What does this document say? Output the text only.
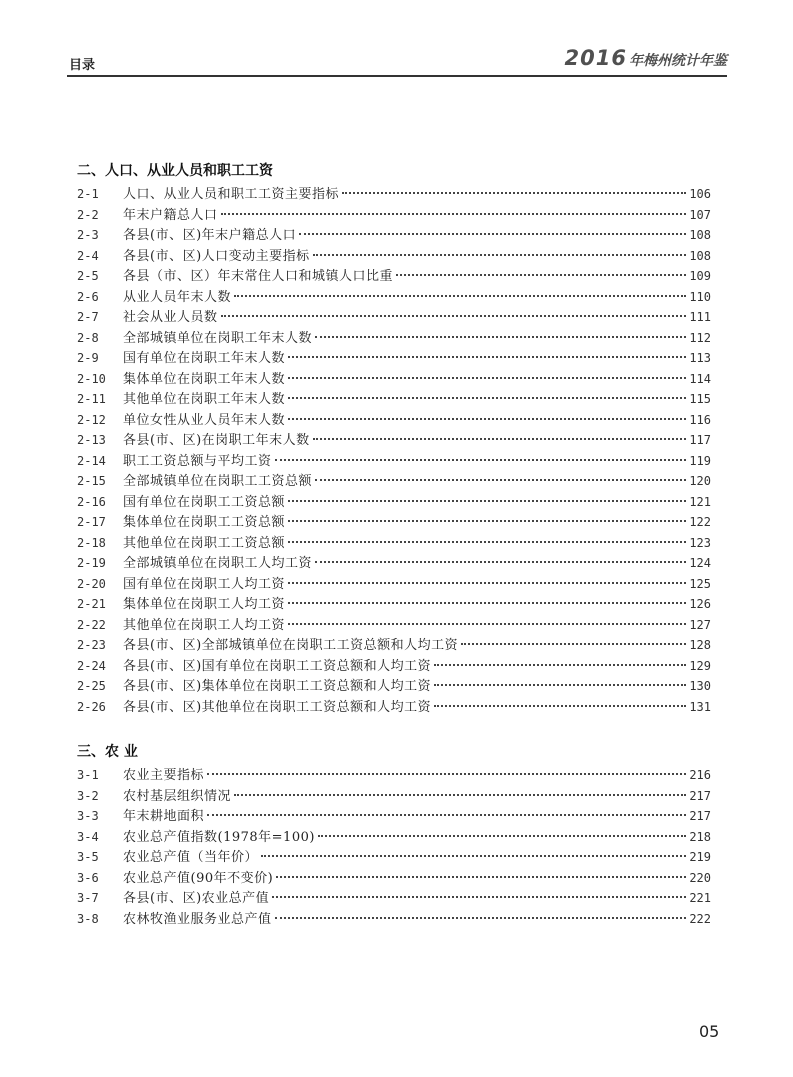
目录	2016 年梅州统计年鉴
二、人口、从业人员和职工工资
2-1	人口、从业人员和职工工资主要指标	106
2-2	年末户籍总人口	107
2-3	各县(市、区)年末户籍总人口	108
2-4	各县(市、区)人口变动主要指标	108
2-5	各县（市、区）年末常住人口和城镇人口比重	109
2-6	从业人员年末人数	110
2-7	社会从业人员数	111
2-8	全部城镇单位在岗职工年末人数	112
2-9	国有单位在岗职工年末人数	113
2-10	集体单位在岗职工年末人数	114
2-11	其他单位在岗职工年末人数	115
2-12	单位女性从业人员年末人数	116
2-13	各县(市、区)在岗职工年末人数	117
2-14	职工工资总额与平均工资	119
2-15	全部城镇单位在岗职工工资总额	120
2-16	国有单位在岗职工工资总额	121
2-17	集体单位在岗职工工资总额	122
2-18	其他单位在岗职工工资总额	123
2-19	全部城镇单位在岗职工人均工资	124
2-20	国有单位在岗职工人均工资	125
2-21	集体单位在岗职工人均工资	126
2-22	其他单位在岗职工人均工资	127
2-23	各县(市、区)全部城镇单位在岗职工工资总额和人均工资	128
2-24	各县(市、区)国有单位在岗职工工资总额和人均工资	129
2-25	各县(市、区)集体单位在岗职工工资总额和人均工资	130
2-26	各县(市、区)其他单位在岗职工工资总额和人均工资	131
三、农 业
3-1	农业主要指标	216
3-2	农村基层组织情况	217
3-3	年末耕地面积	217
3-4	农业总产值指数(1978年=100)	218
3-5	农业总产值（当年价）	219
3-6	农业总产值(90年不变价)	220
3-7	各县(市、区)农业总产值	221
3-8	农林牧渔业服务业总产值	222
05
